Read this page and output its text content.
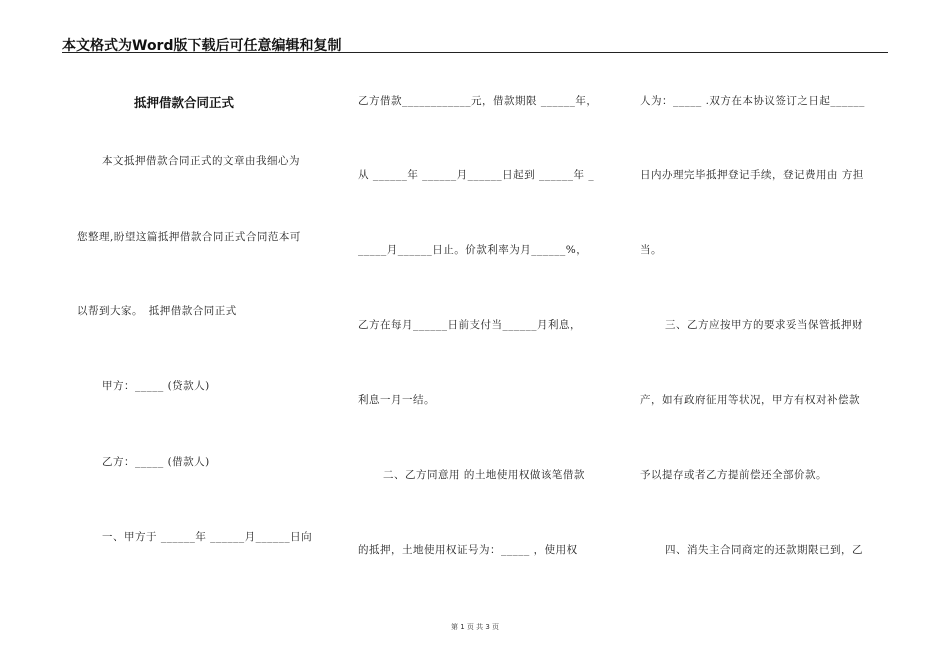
本文格式为Word版下载后可任意编辑和复制
抵押借款合同正式
本文抵押借款合同正式的文章由我细心为
您整理,盼望这篇抵押借款合同正式合同范本可
以帮到大家。　抵押借款合同正式
甲方：_____ (贷款人)
乙方：_____ (借款人)
一、甲方于 ______年 ______月______日向
乙方借款____________元，借款期限 ______年，
从 ______年 ______月______日起到 ______年 _
_____月______日止。价款利率为月______%，
乙方在每月______日前支付当______月利息，
利息一月一结。
二、乙方同意用 的土地使用权做该笔借款
的抵押，土地使用权证号为：_____ ，使用权
人为：_____ .双方在本协议签订之日起______
日内办理完毕抵押登记手续，登记费用由 方担
当。
三、乙方应按甲方的要求妥当保管抵押财
产，如有政府征用等状况，甲方有权对补偿款
予以提存或者乙方提前偿还全部价款。
四、消失主合同商定的还款期限已到，乙
第 1 页 共 3 页
